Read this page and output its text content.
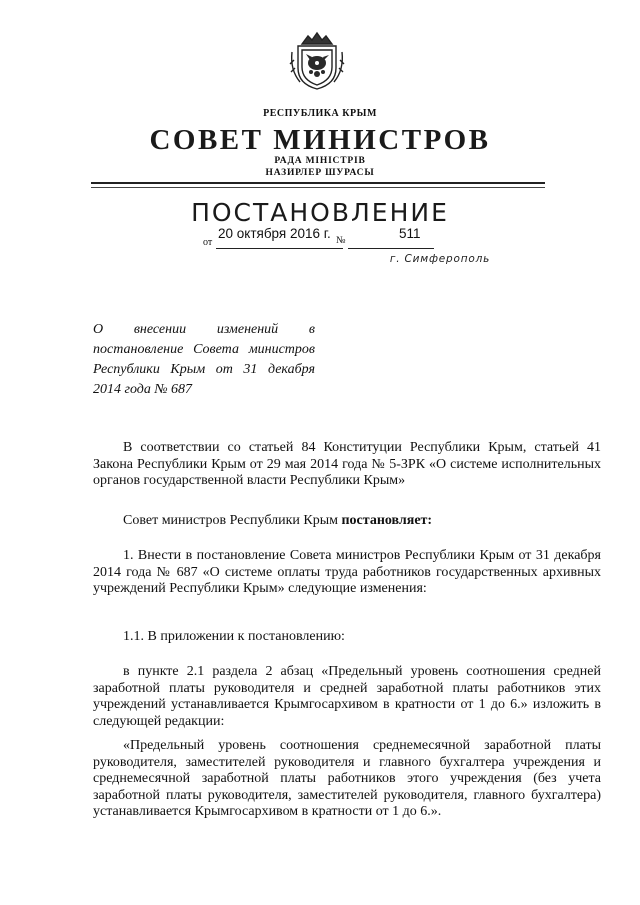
РЕСПУБЛИКА КРЫМ
СОВЕТ МИНИСТРОВ
РАДА МІНІСТРІВ
НАЗИРЛЕР ШУРАСЫ
ПОСТАНОВЛЕНИЕ
от
20 октября 2016 г. №	511
г. Симферополь
О внесении изменений в
постановление Совета министров
Республики Крым от 31 декабря
2014 года № 687

В соответствии со статьей 84 Конституции Республики Крым, статьей 41 Закона Республики Крым от 29 мая 2014 года № 5-ЗРК «О системе исполнительных органов государственной власти Республики Крым»

Совет министров Республики Крым постановляет:

1. Внести в постановление Совета министров Республики Крым от 31 декабря 2014 года № 687 «О системе оплаты труда работников государственных архивных учреждений Республики Крым» следующие изменения:

1.1. В приложении к постановлению:

в пункте 2.1 раздела 2 абзац «Предельный уровень соотношения средней заработной платы руководителя и средней заработной платы работников этих учреждений устанавливается Крымгосархивом в кратности от 1 до 6.» изложить в следующей редакции:

«Предельный уровень соотношения среднемесячной заработной платы руководителя, заместителей руководителя и главного бухгалтера учреждения и среднемесячной заработной платы работников этого учреждения (без учета заработной платы руководителя, заместителей руководителя, главного бухгалтера) устанавливается Крымгосархивом в кратности от 1 до 6.».
